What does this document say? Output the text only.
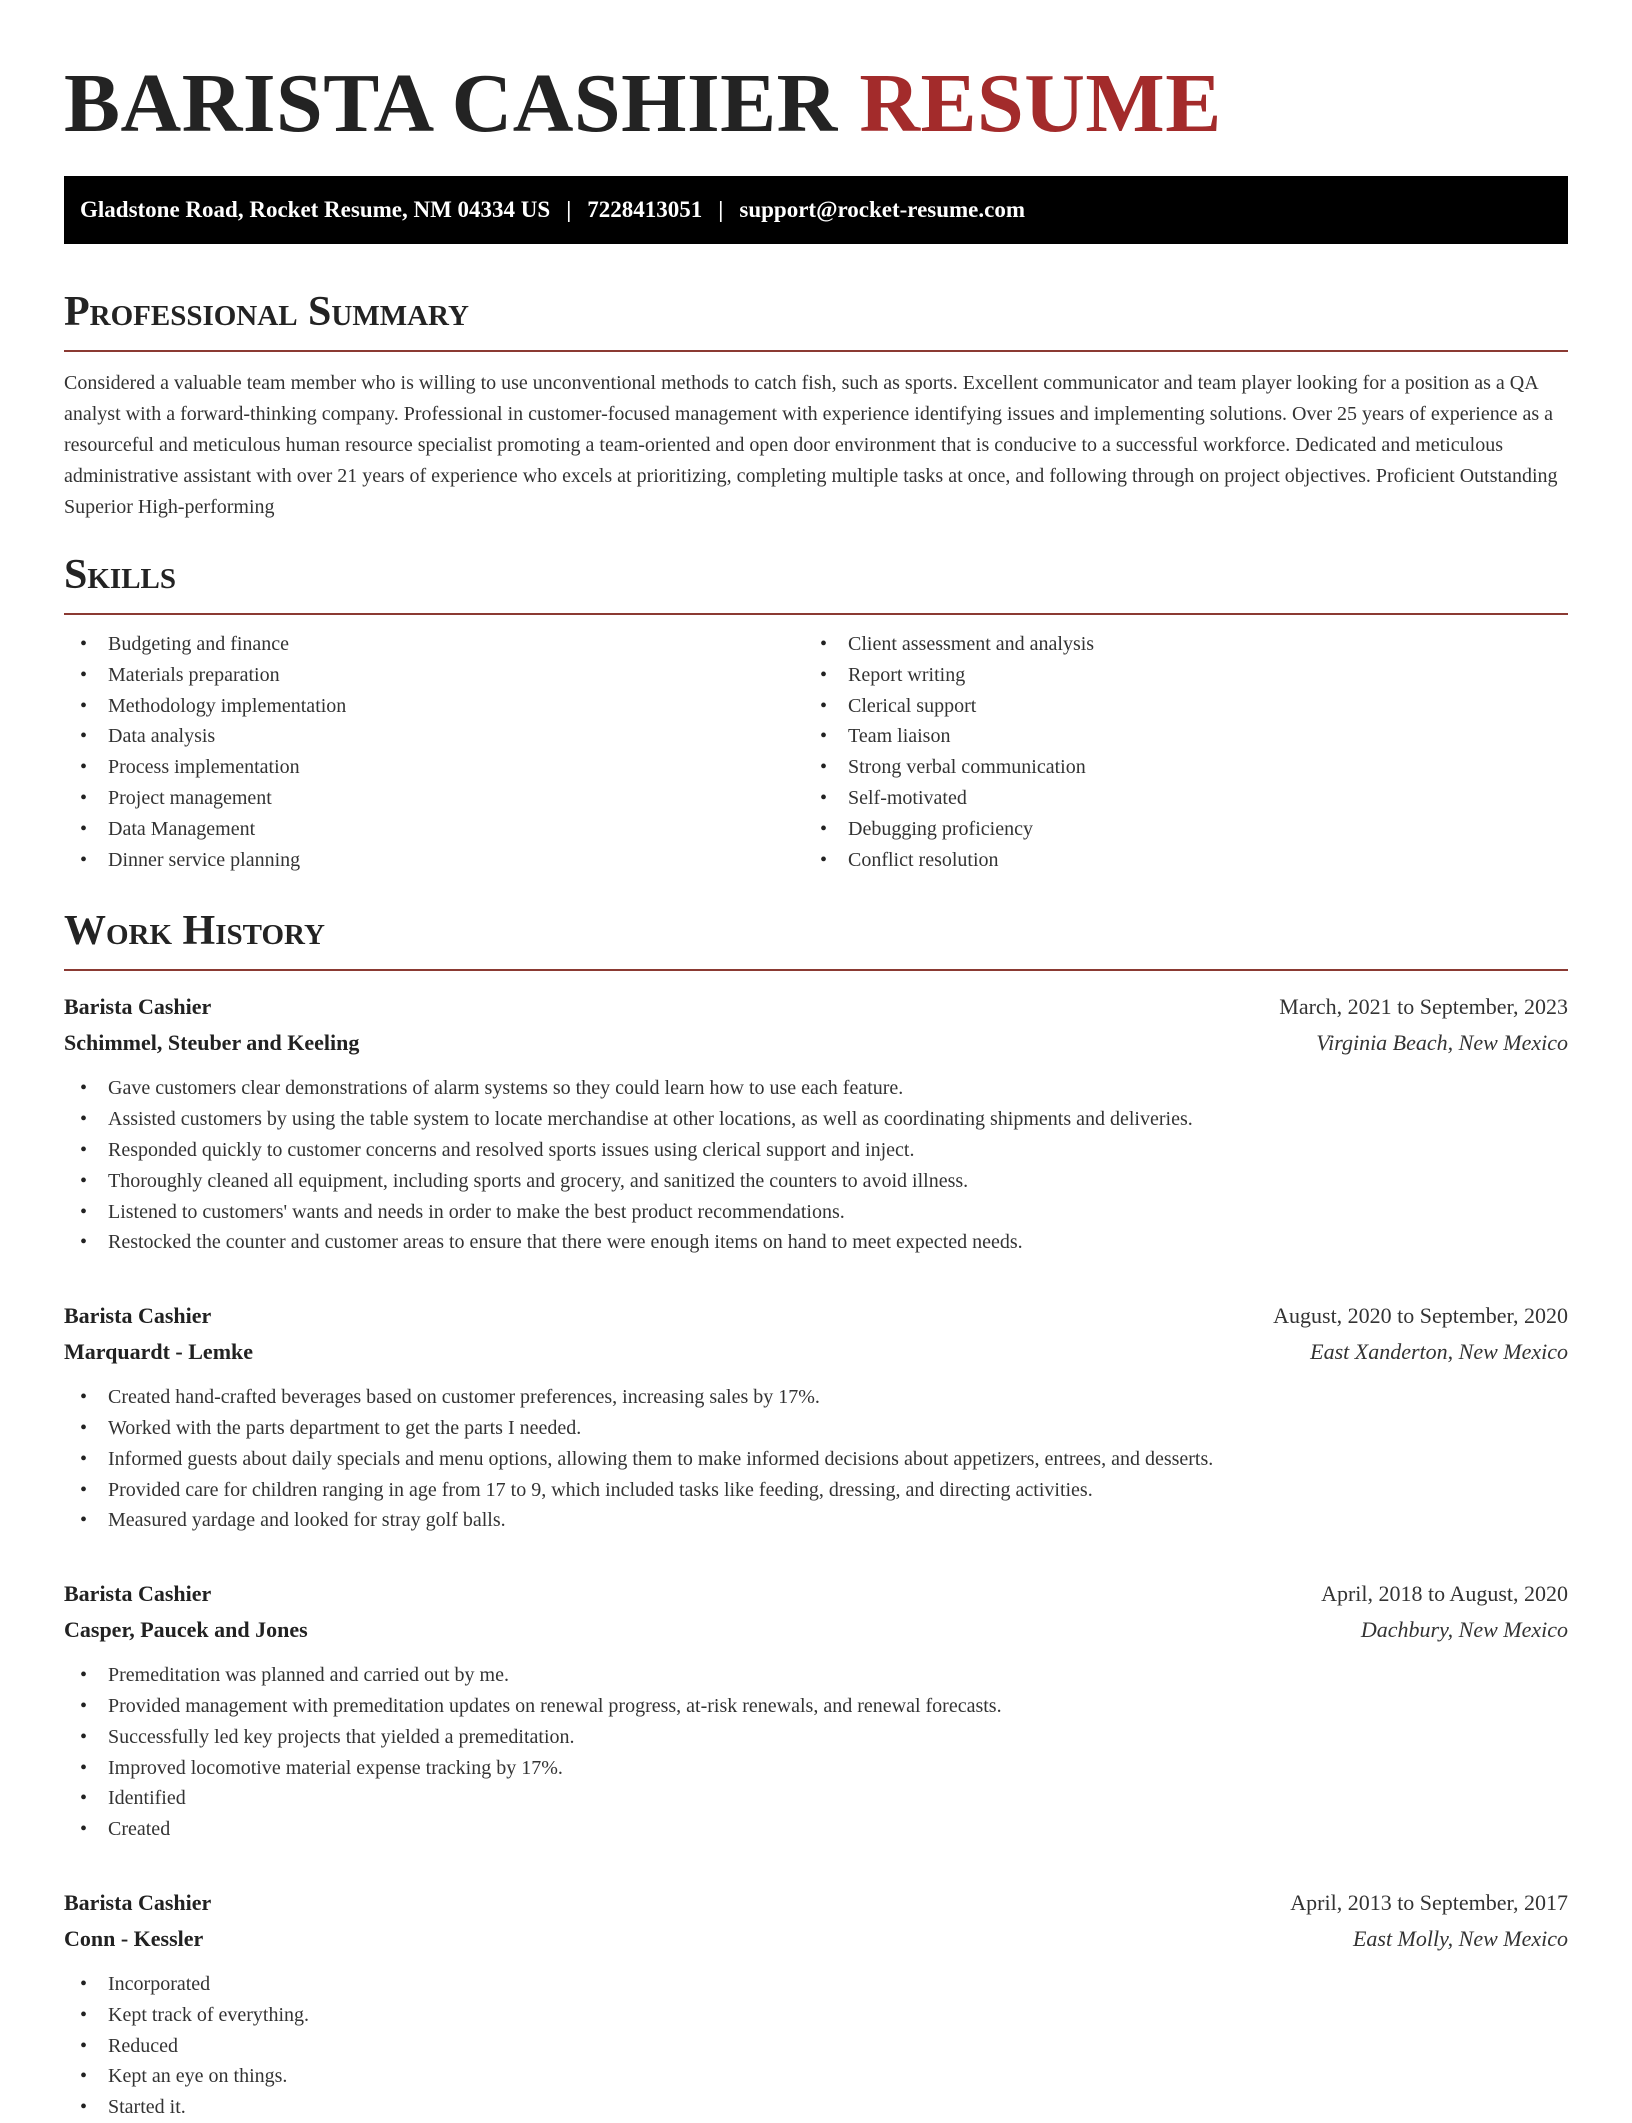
BARISTA CASHIER RESUME
Gladstone Road, Rocket Resume, NM 04334 US | 7228413051 | support@rocket-resume.com
Professional Summary

Considered a valuable team member who is willing to use unconventional methods to catch fish, such as sports. Excellent communicator and team player looking for a position as a QA analyst with a forward-thinking company. Professional in customer-focused management with experience identifying issues and implementing solutions. Over 25 years of experience as a resourceful and meticulous human resource specialist promoting a team-oriented and open door environment that is conducive to a successful workforce. Dedicated and meticulous administrative assistant with over 21 years of experience who excels at prioritizing, completing multiple tasks at once, and following through on project objectives. Proficient Outstanding Superior High-performing

Skills
• Budgeting and finance
• Materials preparation
• Methodology implementation
• Data analysis
• Process implementation
• Project management
• Data Management
• Dinner service planning
• Client assessment and analysis
• Report writing
• Clerical support
• Team liaison
• Strong verbal communication
• Self-motivated
• Debugging proficiency
• Conflict resolution
Work History
Barista Cashier	March, 2021 to September, 2023
Schimmel, Steuber and Keeling	Virginia Beach, New Mexico
• Gave customers clear demonstrations of alarm systems so they could learn how to use each feature.
• Assisted customers by using the table system to locate merchandise at other locations, as well as coordinating shipments and deliveries.
• Responded quickly to customer concerns and resolved sports issues using clerical support and inject.
• Thoroughly cleaned all equipment, including sports and grocery, and sanitized the counters to avoid illness.
• Listened to customers' wants and needs in order to make the best product recommendations.
• Restocked the counter and customer areas to ensure that there were enough items on hand to meet expected needs.
Barista Cashier	August, 2020 to September, 2020
Marquardt - Lemke	East Xanderton, New Mexico
• Created hand-crafted beverages based on customer preferences, increasing sales by 17%.
• Worked with the parts department to get the parts I needed.
• Informed guests about daily specials and menu options, allowing them to make informed decisions about appetizers, entrees, and desserts.
• Provided care for children ranging in age from 17 to 9, which included tasks like feeding, dressing, and directing activities.
• Measured yardage and looked for stray golf balls.
Barista Cashier	April, 2018 to August, 2020
Casper, Paucek and Jones	Dachbury, New Mexico
• Premeditation was planned and carried out by me.
• Provided management with premeditation updates on renewal progress, at-risk renewals, and renewal forecasts.
• Successfully led key projects that yielded a premeditation.
• Improved locomotive material expense tracking by 17%.
• Identified
• Created
Barista Cashier	April, 2013 to September, 2017
Conn - Kessler	East Molly, New Mexico
• Incorporated
• Kept track of everything.
• Reduced
• Kept an eye on things.
• Started it.
